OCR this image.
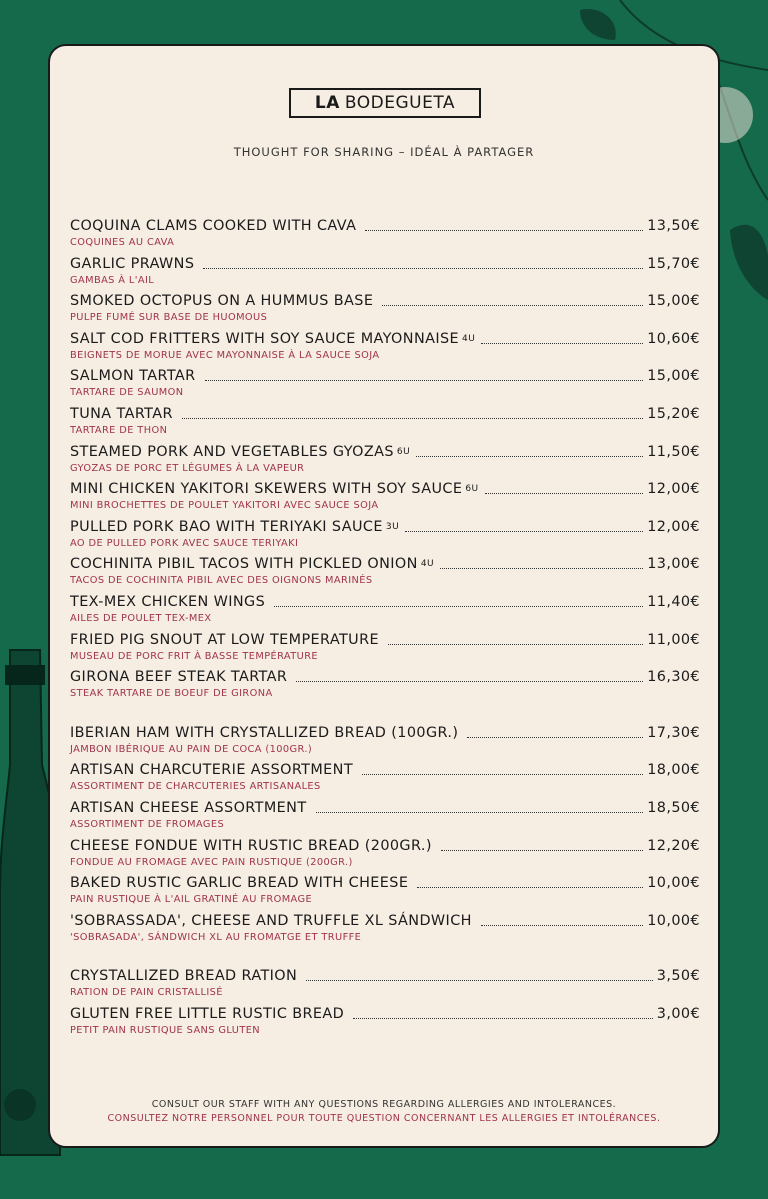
LA BODEGUETA
THOUGHT FOR SHARING – IDÉAL À PARTAGER
COQUINA CLAMS COOKED WITH CAVA	13,50€
COQUINES AU CAVA
GARLIC PRAWNS	15,70€
GAMBAS À L'AIL
SMOKED OCTOPUS ON A HUMMUS BASE	15,00€
PULPE FUMÉ SUR BASE DE HUOMOUS
SALT COD FRITTERS WITH SOY SAUCE MAYONNAISE 4U	10,60€
BEIGNETS DE MORUE AVEC MAYONNAISE À LA SAUCE SOJA
SALMON TARTAR	15,00€
TARTARE DE SAUMON
TUNA TARTAR	15,20€
TARTARE DE THON
STEAMED PORK AND VEGETABLES GYOZAS 6U	11,50€
GYOZAS DE PORC ET LÉGUMES À LA VAPEUR
MINI CHICKEN YAKITORI SKEWERS WITH SOY SAUCE 6U	12,00€
MINI BROCHETTES DE POULET YAKITORI AVEC SAUCE SOJA
PULLED PORK BAO WITH TERIYAKI SAUCE 3U	12,00€
AO DE PULLED PORK AVEC SAUCE TERIYAKI
COCHINITA PIBIL TACOS WITH PICKLED ONION 4U	13,00€
TACOS DE COCHINITA PIBIL AVEC DES OIGNONS MARINÉS
TEX-MEX CHICKEN WINGS	11,40€
AILES DE POULET TEX-MEX
FRIED PIG SNOUT AT LOW TEMPERATURE	11,00€
MUSEAU DE PORC FRIT À BASSE TEMPÉRATURE
GIRONA BEEF STEAK TARTAR	16,30€
STEAK TARTARE DE BOEUF DE GIRONA
IBERIAN HAM WITH CRYSTALLIZED BREAD (100GR.)	17,30€
JAMBON IBÉRIQUE AU PAIN DE COCA (100GR.)
ARTISAN CHARCUTERIE ASSORTMENT	18,00€
ASSORTIMENT DE CHARCUTERIES ARTISANALES
ARTISAN CHEESE ASSORTMENT	18,50€
ASSORTIMENT DE FROMAGES
CHEESE FONDUE WITH RUSTIC BREAD (200GR.)	12,20€
FONDUE AU FROMAGE AVEC PAIN RUSTIQUE (200GR.)
BAKED RUSTIC GARLIC BREAD WITH CHEESE	10,00€
PAIN RUSTIQUE À L'AIL GRATINÉ AU FROMAGE
'SOBRASSADA', CHEESE AND TRUFFLE XL SÁNDWICH	10,00€
'SOBRASADA', SÁNDWICH XL AU FROMATGE ET TRUFFE
CRYSTALLIZED BREAD RATION	3,50€
RATION DE PAIN CRISTALLISÉ
GLUTEN FREE LITTLE RUSTIC BREAD	3,00€
PETIT PAIN RUSTIQUE SANS GLUTEN
CONSULT OUR STAFF WITH ANY QUESTIONS REGARDING ALLERGIES AND INTOLERANCES.
CONSULTEZ NOTRE PERSONNEL POUR TOUTE QUESTION CONCERNANT LES ALLERGIES ET INTOLÉRANCES.
